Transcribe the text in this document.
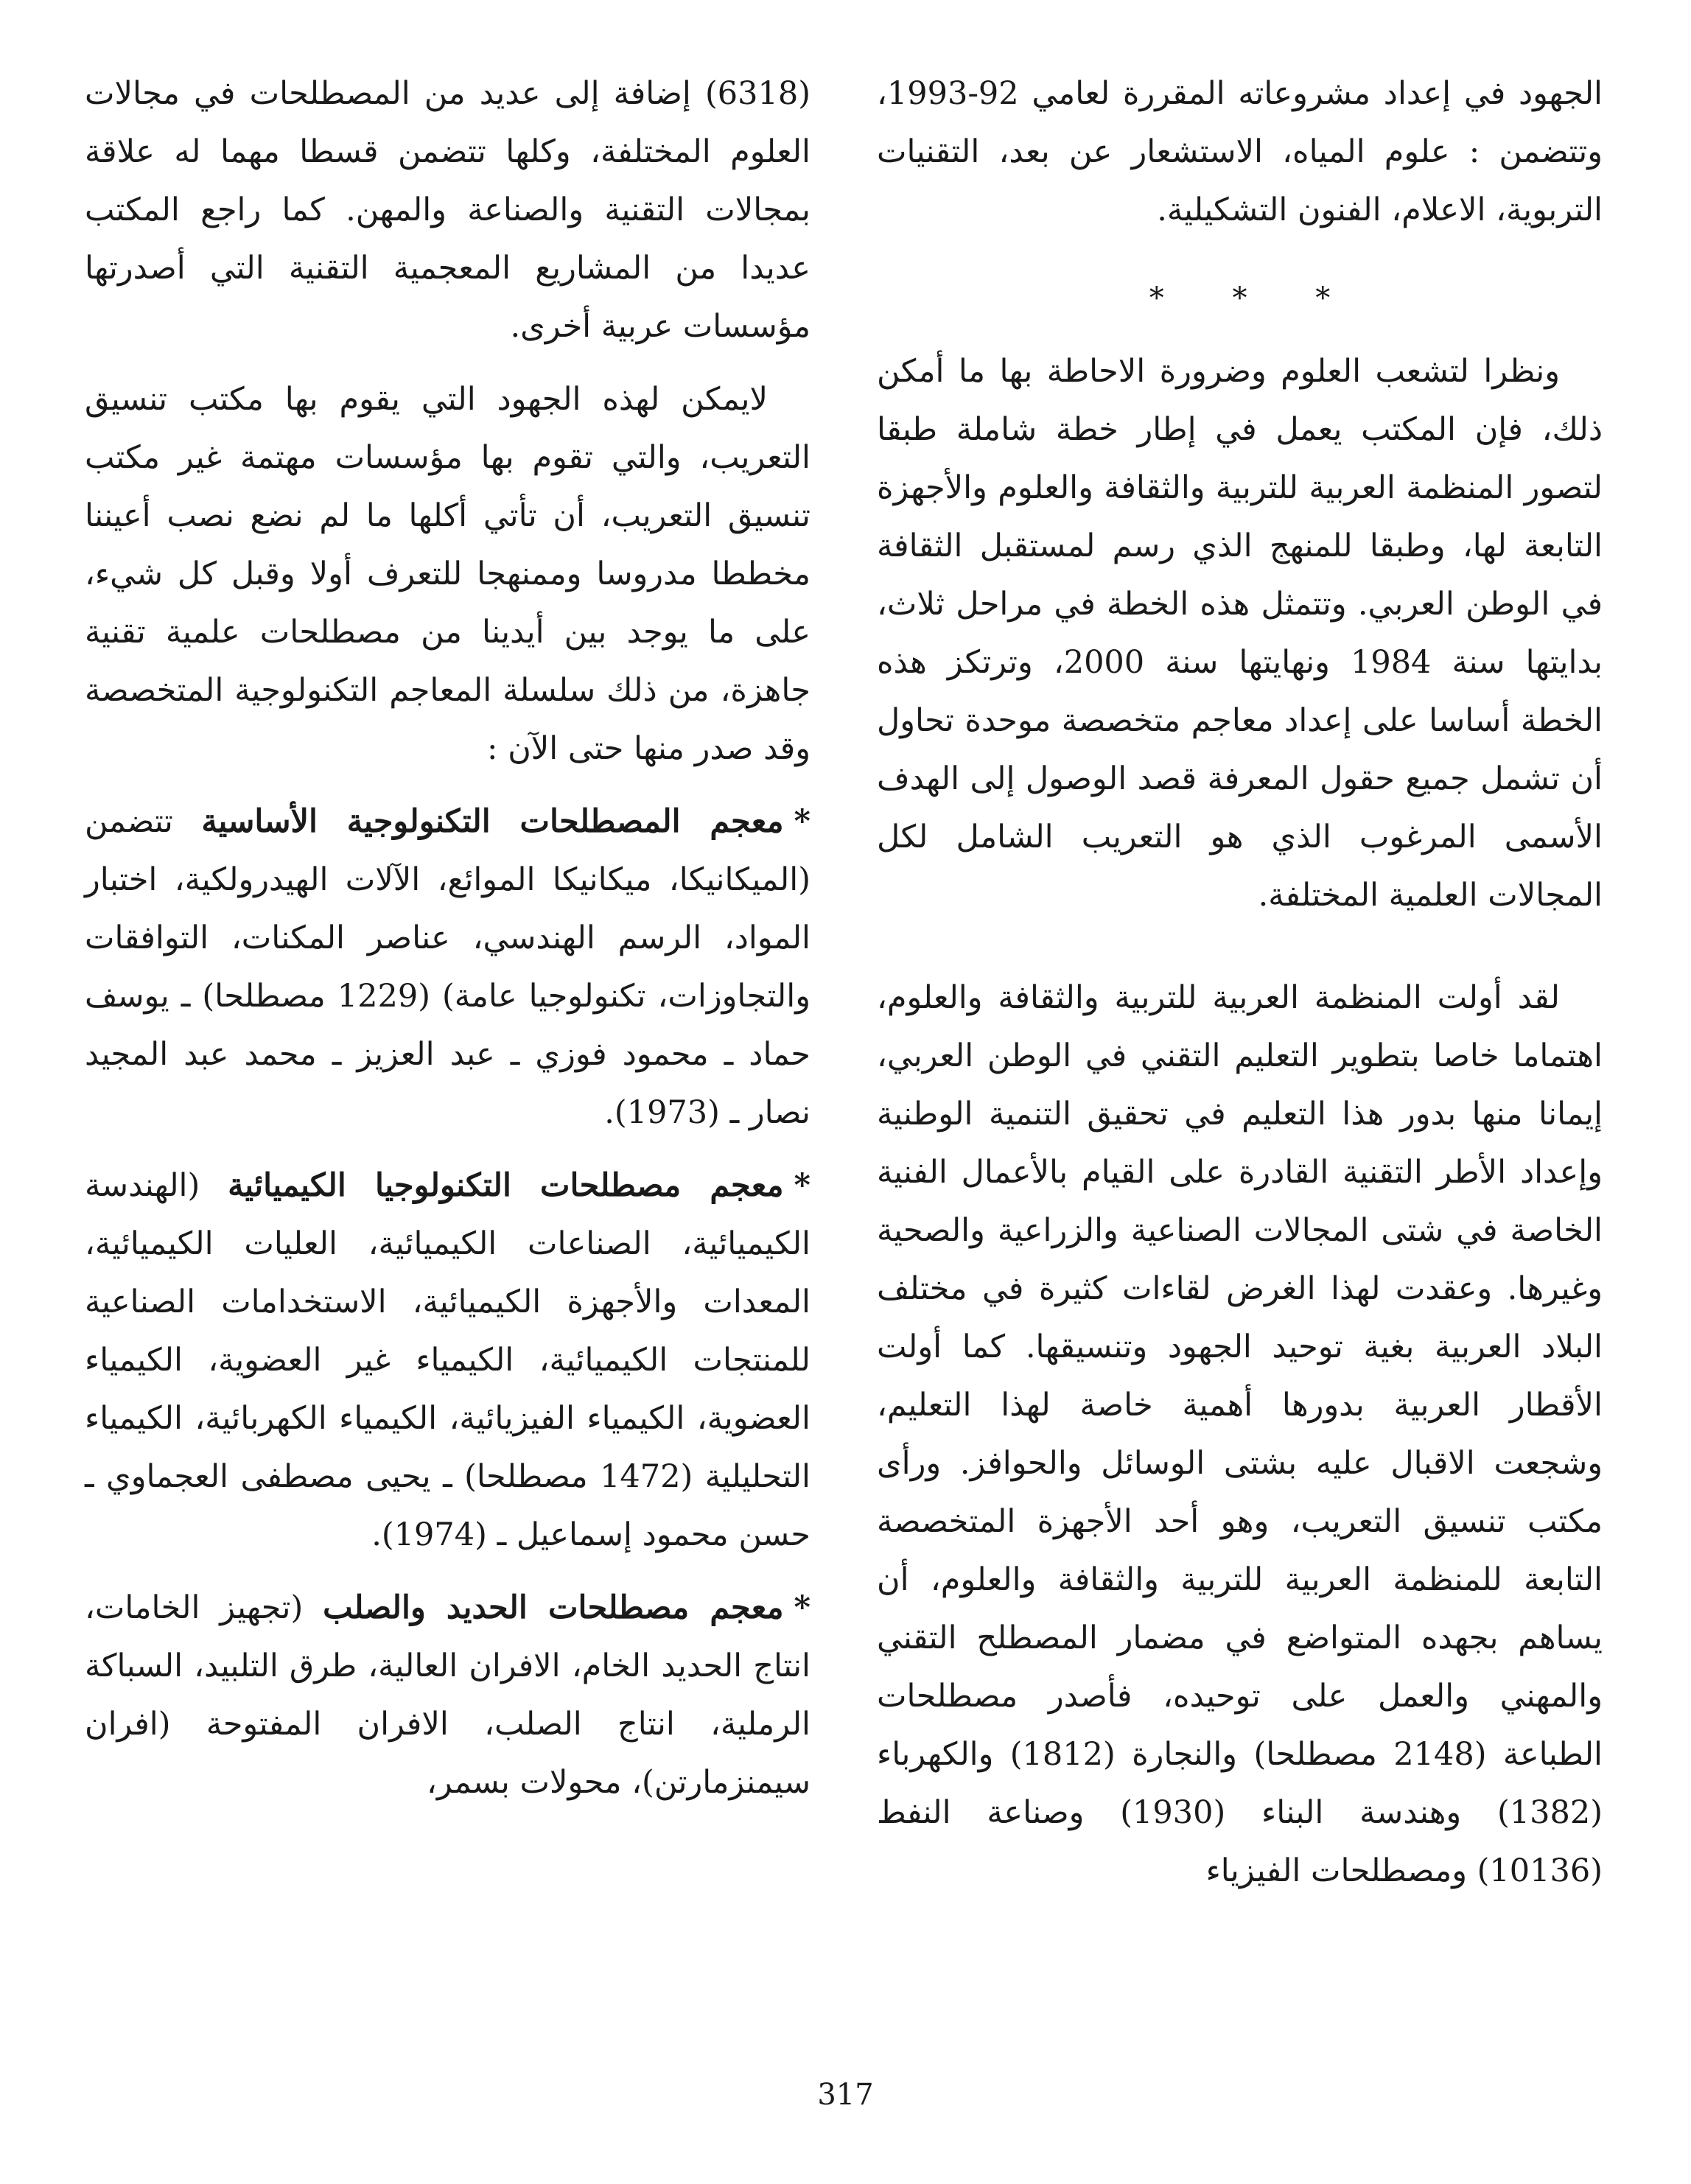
الجهود في إعداد مشروعاته المقررة لعامي 92-1993، وتتضمن : علوم المياه، الاستشعار عن بعد، التقنيات التربوية، الاعلام، الفنون التشكيلية.

* * *

ونظرا لتشعب العلوم وضرورة الاحاطة بها ما أمكن ذلك، فإن المكتب يعمل في إطار خطة شاملة طبقا لتصور المنظمة العربية للتربية والثقافة والعلوم والأجهزة التابعة لها، وطبقا للمنهج الذي رسم لمستقبل الثقافة في الوطن العربي. وتتمثل هذه الخطة في مراحل ثلاث، بدايتها سنة 1984 ونهايتها سنة 2000، وترتكز هذه الخطة أساسا على إعداد معاجم متخصصة موحدة تحاول أن تشمل جميع حقول المعرفة قصد الوصول إلى الهدف الأسمى المرغوب الذي هو التعريب الشامل لكل المجالات العلمية المختلفة.

لقد أولت المنظمة العربية للتربية والثقافة والعلوم، اهتماما خاصا بتطوير التعليم التقني في الوطن العربي، إيمانا منها بدور هذا التعليم في تحقيق التنمية الوطنية وإعداد الأطر التقنية القادرة على القيام بالأعمال الفنية الخاصة في شتى المجالات الصناعية والزراعية والصحية وغيرها. وعقدت لهذا الغرض لقاءات كثيرة في مختلف البلاد العربية بغية توحيد الجهود وتنسيقها. كما أولت الأقطار العربية بدورها أهمية خاصة لهذا التعليم، وشجعت الاقبال عليه بشتى الوسائل والحوافز. ورأى مكتب تنسيق التعريب، وهو أحد الأجهزة المتخصصة التابعة للمنظمة العربية للتربية والثقافة والعلوم، أن يساهم بجهده المتواضع في مضمار المصطلح التقني والمهني والعمل على توحيده، فأصدر مصطلحات الطباعة (2148 مصطلحا) والنجارة (1812) والكهرباء (1382) وهندسة البناء (1930) وصناعة النفط (10136) ومصطلحات الفيزياء

(6318) إضافة إلى عديد من المصطلحات في مجالات العلوم المختلفة، وكلها تتضمن قسطا مهما له علاقة بمجالات التقنية والصناعة والمهن. كما راجع المكتب عديدا من المشاريع المعجمية التقنية التي أصدرتها مؤسسات عربية أخرى.

لايمكن لهذه الجهود التي يقوم بها مكتب تنسيق التعريب، والتي تقوم بها مؤسسات مهتمة غير مكتب تنسيق التعريب، أن تأتي أكلها ما لم نضع نصب أعيننا مخططا مدروسا وممنهجا للتعرف أولا وقبل كل شيء، على ما يوجد بين أيدينا من مصطلحات علمية تقنية جاهزة، من ذلك سلسلة المعاجم التكنولوجية المتخصصة وقد صدر منها حتى الآن :

*معجم المصطلحات التكنولوجية الأساسية تتضمن (الميكانيكا، ميكانيكا الموائع، الآلات الهيدرولكية، اختبار المواد، الرسم الهندسي، عناصر المكنات، التوافقات والتجاوزات، تكنولوجيا عامة) (1229 مصطلحا) ـ يوسف حماد ـ محمود فوزي ـ عبد العزيز ـ محمد عبد المجيد نصار ـ (1973).

*معجم مصطلحات التكنولوجيا الكيميائية (الهندسة الكيميائية، الصناعات الكيميائية، العليات الكيميائية، المعدات والأجهزة الكيميائية، الاستخدامات الصناعية للمنتجات الكيميائية، الكيمياء غير العضوية، الكيمياء العضوية، الكيمياء الفيزيائية، الكيمياء الكهربائية، الكيمياء التحليلية (1472 مصطلحا) ـ يحيى مصطفى العجماوي ـ حسن محمود إسماعيل ـ (1974).

*معجم مصطلحات الحديد والصلب (تجهيز الخامات، انتاج الحديد الخام، الافران العالية، طرق التلبيد، السباكة الرملية، انتاج الصلب، الافران المفتوحة (افران سيمنزمارتن)، محولات بسمر،

317
